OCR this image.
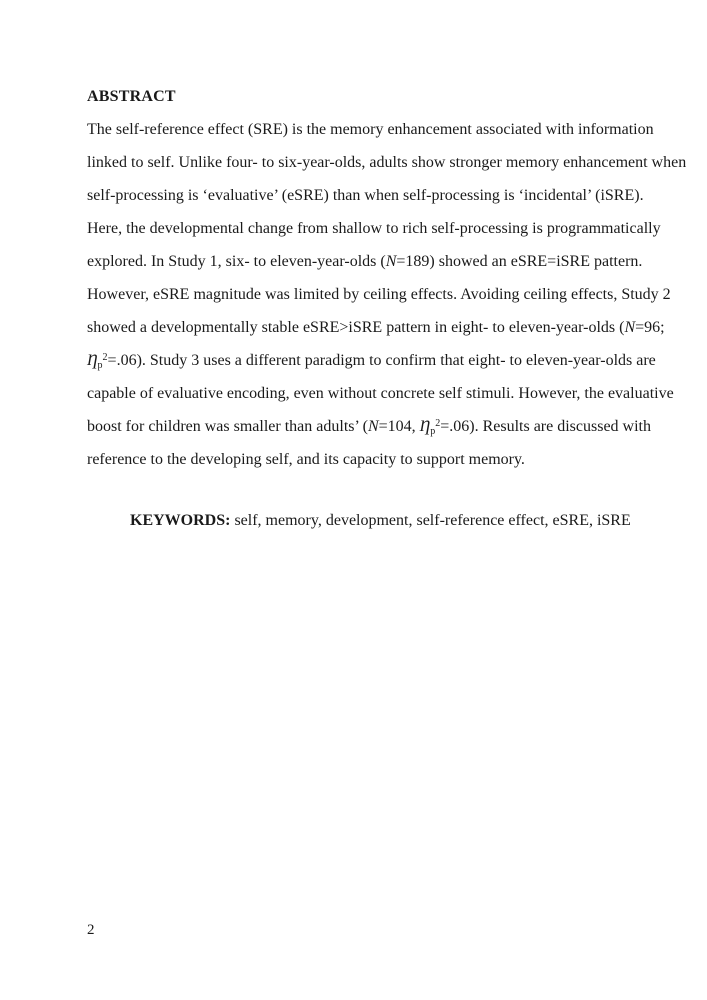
ABSTRACT
The self-reference effect (SRE) is the memory enhancement associated with information
linked to self. Unlike four- to six-year-olds, adults show stronger memory enhancement when
self-processing is ‘evaluative’ (eSRE) than when self-processing is ‘incidental’ (iSRE).
Here, the developmental change from shallow to rich self-processing is programmatically
explored. In Study 1, six- to eleven-year-olds (N=189) showed an eSRE=iSRE pattern.
However, eSRE magnitude was limited by ceiling effects. Avoiding ceiling effects, Study 2
showed a developmentally stable eSRE>iSRE pattern in eight- to eleven-year-olds (N=96;
$Ƞ_p^2=.06$). Study 3 uses a different paradigm to confirm that eight- to eleven-year-olds are
capable of evaluative encoding, even without concrete self stimuli. However, the evaluative
boost for children was smaller than adults’ (N=104, $Ƞ_p^2=.06$). Results are discussed with
reference to the developing self, and its capacity to support memory.
KEYWORDS: self, memory, development, self-reference effect, eSRE, iSRE
2
